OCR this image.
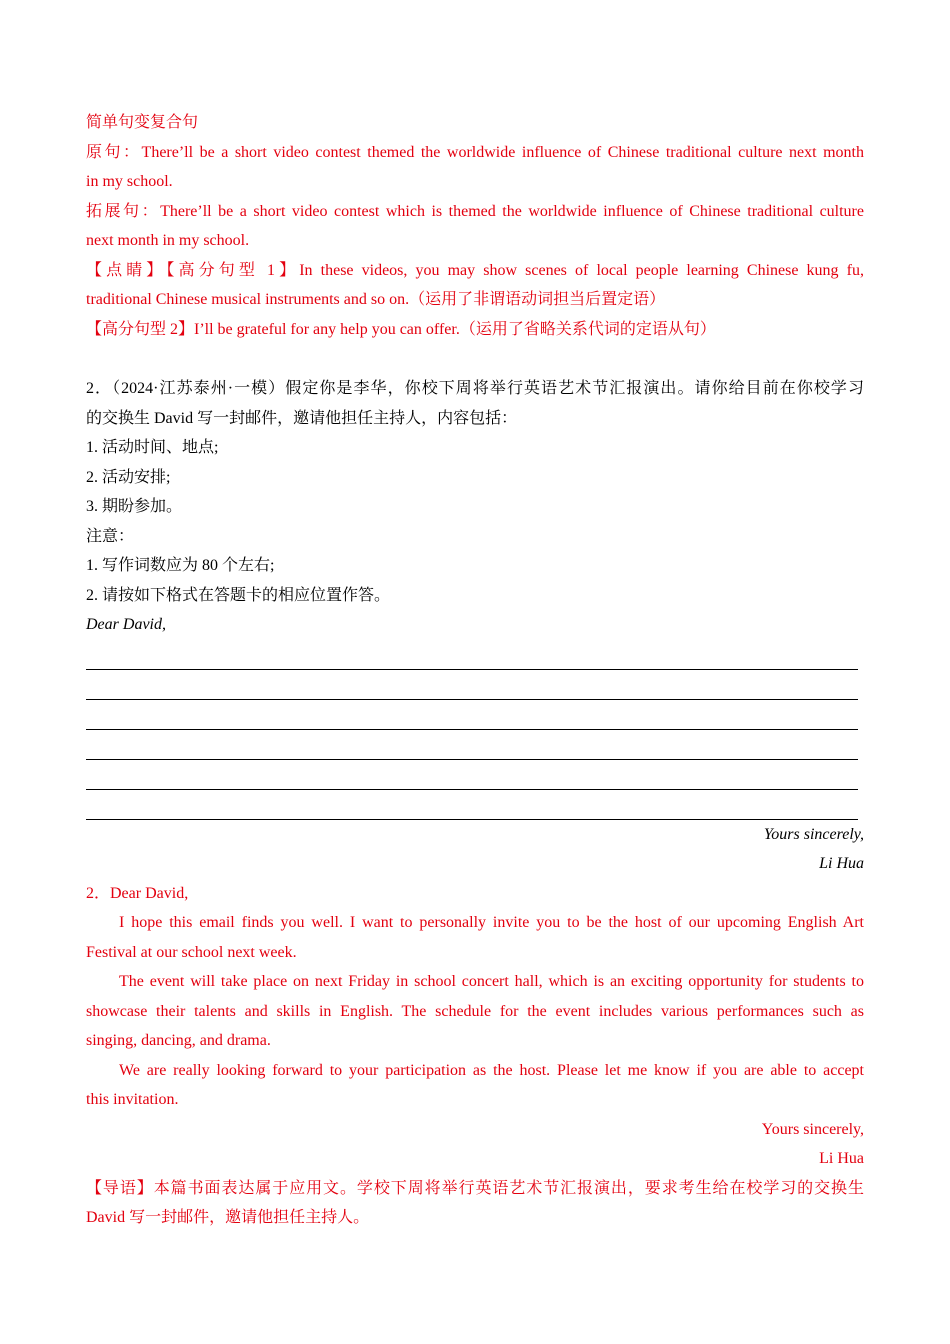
简单句变复合句

原句：There’ll be a short video contest themed the worldwide influence of Chinese traditional culture next month

in my school.

拓展句：There’ll be a short video contest which is themed the worldwide influence of Chinese traditional culture

next month in my school.

【点睛】【高分句型 1】In these videos, you may show scenes of local people learning Chinese kung fu,

traditional Chinese musical instruments and so on.（运用了非谓语动词担当后置定语）

【高分句型 2】I’ll be grateful for any help you can offer.（运用了省略关系代词的定语从句）

2．（2024·江苏泰州·一模）假定你是李华，你校下周将举行英语艺术节汇报演出。请你给目前在你校学习

的交换生 David 写一封邮件，邀请他担任主持人，内容包括：

1. 活动时间、地点;

2. 活动安排;

3. 期盼参加。

注意：

1. 写作词数应为 80 个左右;

2. 请按如下格式在答题卡的相应位置作答。

Dear David,

Yours sincerely,

Li Hua

2．Dear David,

I hope this email finds you well. I want to personally invite you to be the host of our upcoming English Art

Festival at our school next week.

The event will take place on next Friday in school concert hall, which is an exciting opportunity for students to

showcase their talents and skills in English. The schedule for the event includes various performances such as

singing, dancing, and drama.

We are really looking forward to your participation as the host. Please let me know if you are able to accept

this invitation.

Yours sincerely,

Li Hua

【导语】本篇书面表达属于应用文。学校下周将举行英语艺术节汇报演出，要求考生给在校学习的交换生

David 写一封邮件，邀请他担任主持人。
